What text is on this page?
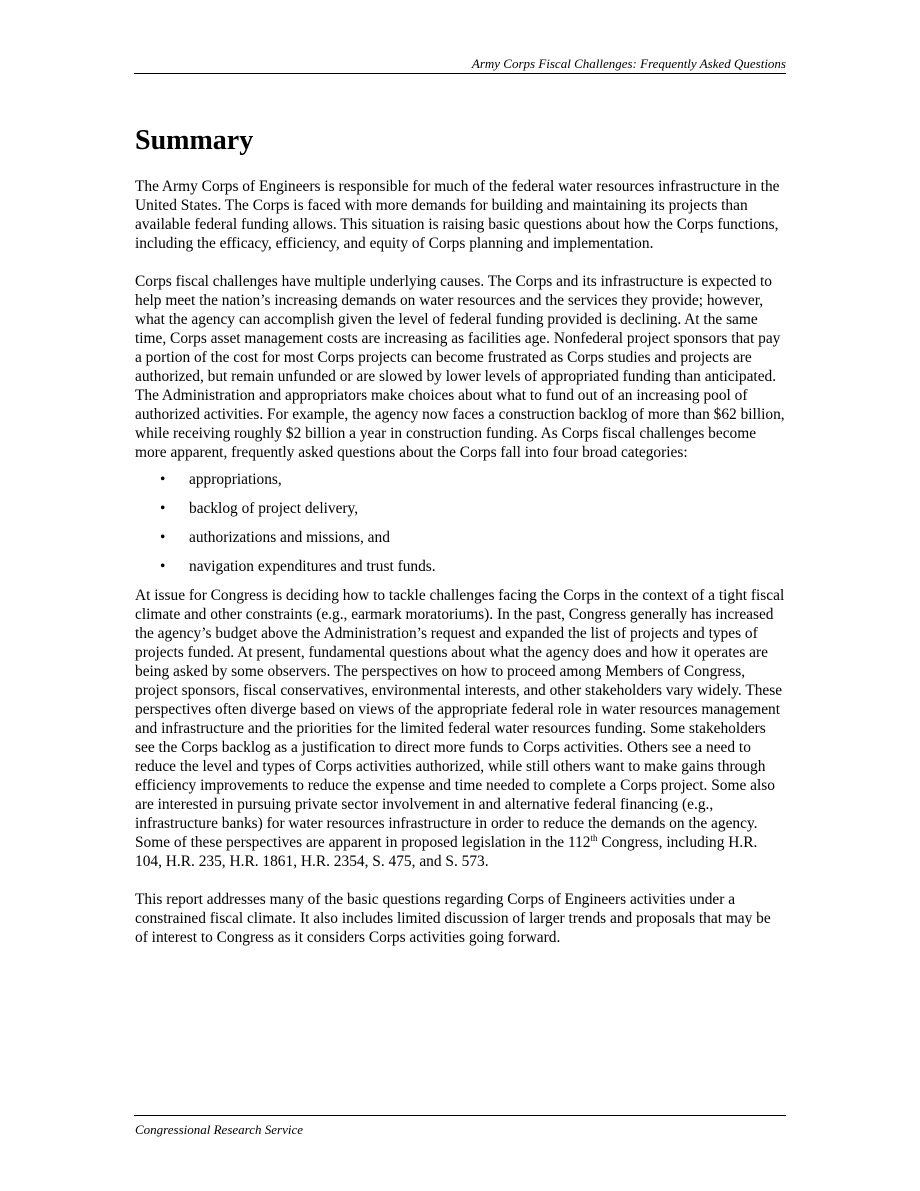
Army Corps Fiscal Challenges: Frequently Asked Questions
Summary

The Army Corps of Engineers is responsible for much of the federal water resources infrastructure in the United States. The Corps is faced with more demands for building and maintaining its projects than available federal funding allows. This situation is raising basic questions about how the Corps functions, including the efficacy, efficiency, and equity of Corps planning and implementation.

Corps fiscal challenges have multiple underlying causes. The Corps and its infrastructure is expected to help meet the nation’s increasing demands on water resources and the services they provide; however, what the agency can accomplish given the level of federal funding provided is declining. At the same time, Corps asset management costs are increasing as facilities age. Nonfederal project sponsors that pay a portion of the cost for most Corps projects can become frustrated as Corps studies and projects are authorized, but remain unfunded or are slowed by lower levels of appropriated funding than anticipated. The Administration and appropriators make choices about what to fund out of an increasing pool of authorized activities. For example, the agency now faces a construction backlog of more than $62 billion, while receiving roughly $2 billion a year in construction funding. As Corps fiscal challenges become more apparent, frequently asked questions about the Corps fall into four broad categories:

• appropriations,
• backlog of project delivery,
• authorizations and missions, and
• navigation expenditures and trust funds.

At issue for Congress is deciding how to tackle challenges facing the Corps in the context of a tight fiscal climate and other constraints (e.g., earmark moratoriums). In the past, Congress generally has increased the agency’s budget above the Administration’s request and expanded the list of projects and types of projects funded. At present, fundamental questions about what the agency does and how it operates are being asked by some observers. The perspectives on how to proceed among Members of Congress, project sponsors, fiscal conservatives, environmental interests, and other stakeholders vary widely. These perspectives often diverge based on views of the appropriate federal role in water resources management and infrastructure and the priorities for the limited federal water resources funding. Some stakeholders see the Corps backlog as a justification to direct more funds to Corps activities. Others see a need to reduce the level and types of Corps activities authorized, while still others want to make gains through efficiency improvements to reduce the expense and time needed to complete a Corps project. Some also are interested in pursuing private sector involvement in and alternative federal financing (e.g., infrastructure banks) for water resources infrastructure in order to reduce the demands on the agency. Some of these perspectives are apparent in proposed legislation in the 112th Congress, including H.R. 104, H.R. 235, H.R. 1861, H.R. 2354, S. 475, and S. 573.

This report addresses many of the basic questions regarding Corps of Engineers activities under a constrained fiscal climate. It also includes limited discussion of larger trends and proposals that may be of interest to Congress as it considers Corps activities going forward.

Congressional Research Service
